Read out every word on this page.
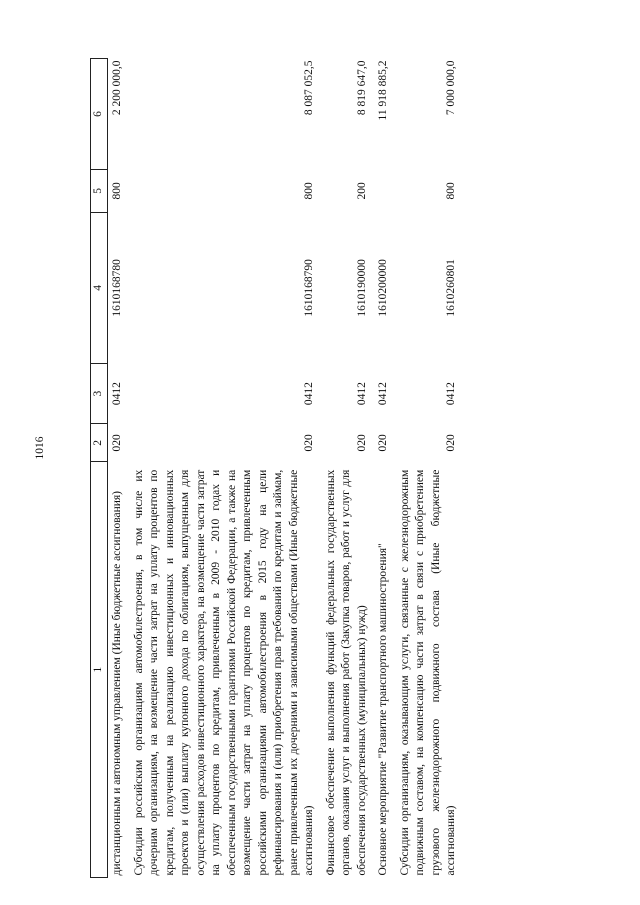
1016
1	2	3	4	5	6
дистанционным и автономным управлением (Иные бюджетные ассигнования)	020	0412	1610168780	800	2 200 000,0
Субсидии российским организациям автомобилестроения, в том числе их дочерним организациям, на возмещение части затрат на уплату процентов по кредитам, полученным на реализацию инвестиционных и инновационных проектов и (или) выплату купонного дохода по облигациям, выпущенным для осуществления расходов инвестиционного характера, на возмещение части затрат на уплату процентов по кредитам, привлеченным в 2009 - 2010 годах и обеспеченным государственными гарантиями Российской Федерации, а также на возмещение части затрат на уплату процентов по кредитам, привлеченным российскими организациями автомобилестроения в 2015 году на цели рефинансирования и (или) приобретения прав требований по кредитам и займам, ранее привлеченным их дочерними и зависимыми обществами (Иные бюджетные ассигнования)	020	0412	1610168790	800	8 087 052,5
Финансовое обеспечение выполнения функций федеральных государственных органов, оказания услуг и выполнения работ (Закупка товаров, работ и услуг для обеспечения государственных (муниципальных) нужд)	020	0412	1610190000	200	8 819 647,0
Основное мероприятие "Развитие транспортного машиностроения"	020	0412	1610200000		11 918 885,2
Субсидии организациям, оказывающим услуги, связанные с железнодорожным подвижным составом, на компенсацию части затрат в связи с приобретением грузового железнодорожного подвижного состава (Иные бюджетные ассигнования)	020	0412	1610260801	800	7 000 000,0
